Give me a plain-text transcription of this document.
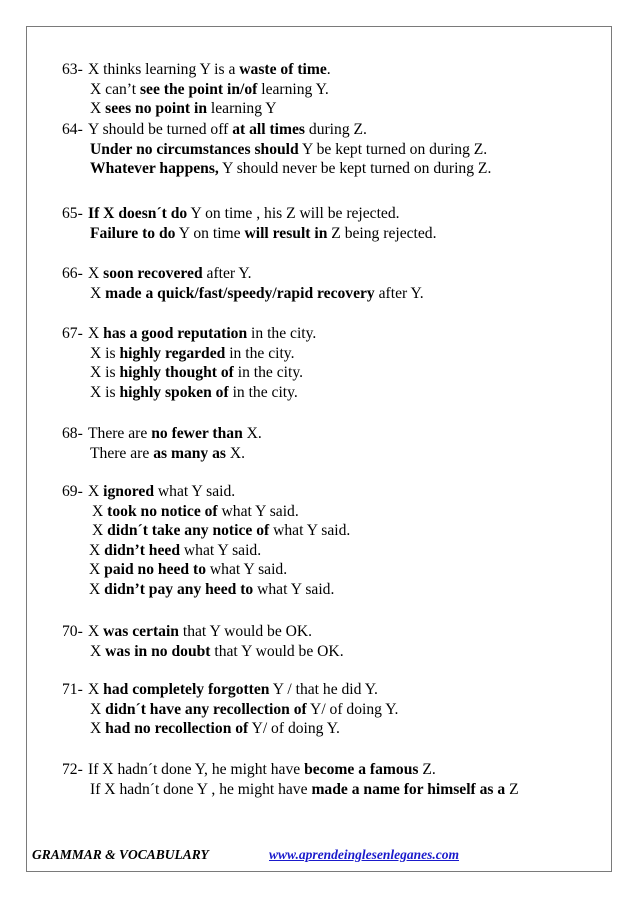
63- X thinks learning Y is a waste of time.
X can’t see the point in/of learning Y.
X sees no point in learning Y
64- Y should be turned off at all times during Z.
Under no circumstances should Y be kept turned on during Z.
Whatever happens, Y should never be kept turned on during Z.
65- If X doesn´t do Y on time , his Z will be rejected.
Failure to do Y on time will result in Z being rejected.
66- X soon recovered after Y.
X made a quick/fast/speedy/rapid recovery after Y.
67- X has a good reputation in the city.
X is highly regarded in the city.
X is highly thought of in the city.
X is highly spoken of in the city.
68- There are no fewer than X.
There are as many as X.
69- X ignored what Y said.
X took no notice of what Y said.
X didn´t take any notice of what Y said.
X didn’t heed what Y said.
X paid no heed to what Y said.
X didn’t pay any heed to what Y said.
70- X was certain that Y would be OK.
X was in no doubt that Y would be OK.
71- X had completely forgotten Y / that he did Y.
X didn´t have any recollection of Y/ of doing Y.
X had no recollection of Y/ of doing Y.
72- If X hadn´t done Y, he might have become a famous Z.
If X hadn´t done Y , he might have made a name for himself as a Z
GRAMMAR & VOCABULARY	www.aprendeinglesenleganes.com
